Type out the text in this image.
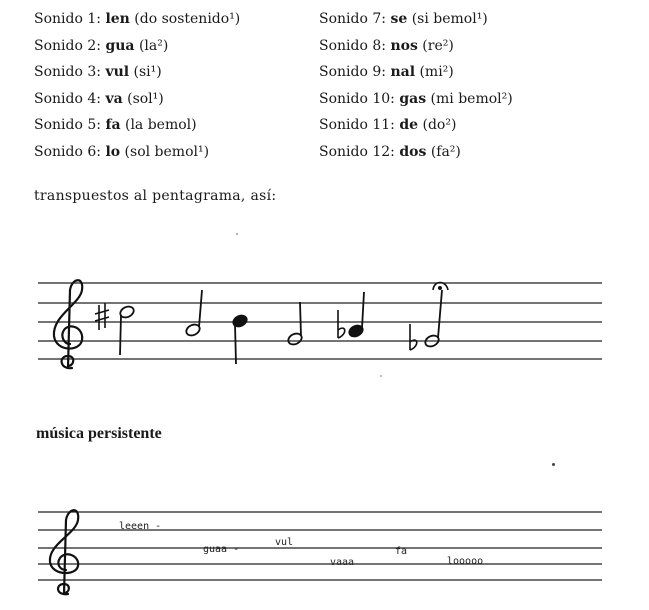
Sonido 1: len (do sostenido¹)
Sonido 2: gua (la²)
Sonido 3: vul (si¹)
Sonido 4: va (sol¹)
Sonido 5: fa (la bemol)
Sonido 6: lo (sol bemol¹)
Sonido 7: se (si bemol¹)
Sonido 8: nos (re²)
Sonido 9: nal (mi²)
Sonido 10: gas (mi bemol²)
Sonido 11: de (do²)
Sonido 12: dos (fa²)
transpuestos al pentagrama, así:
música persistente
leeen -
guaa -
vul
vaaa
fa
looooo
